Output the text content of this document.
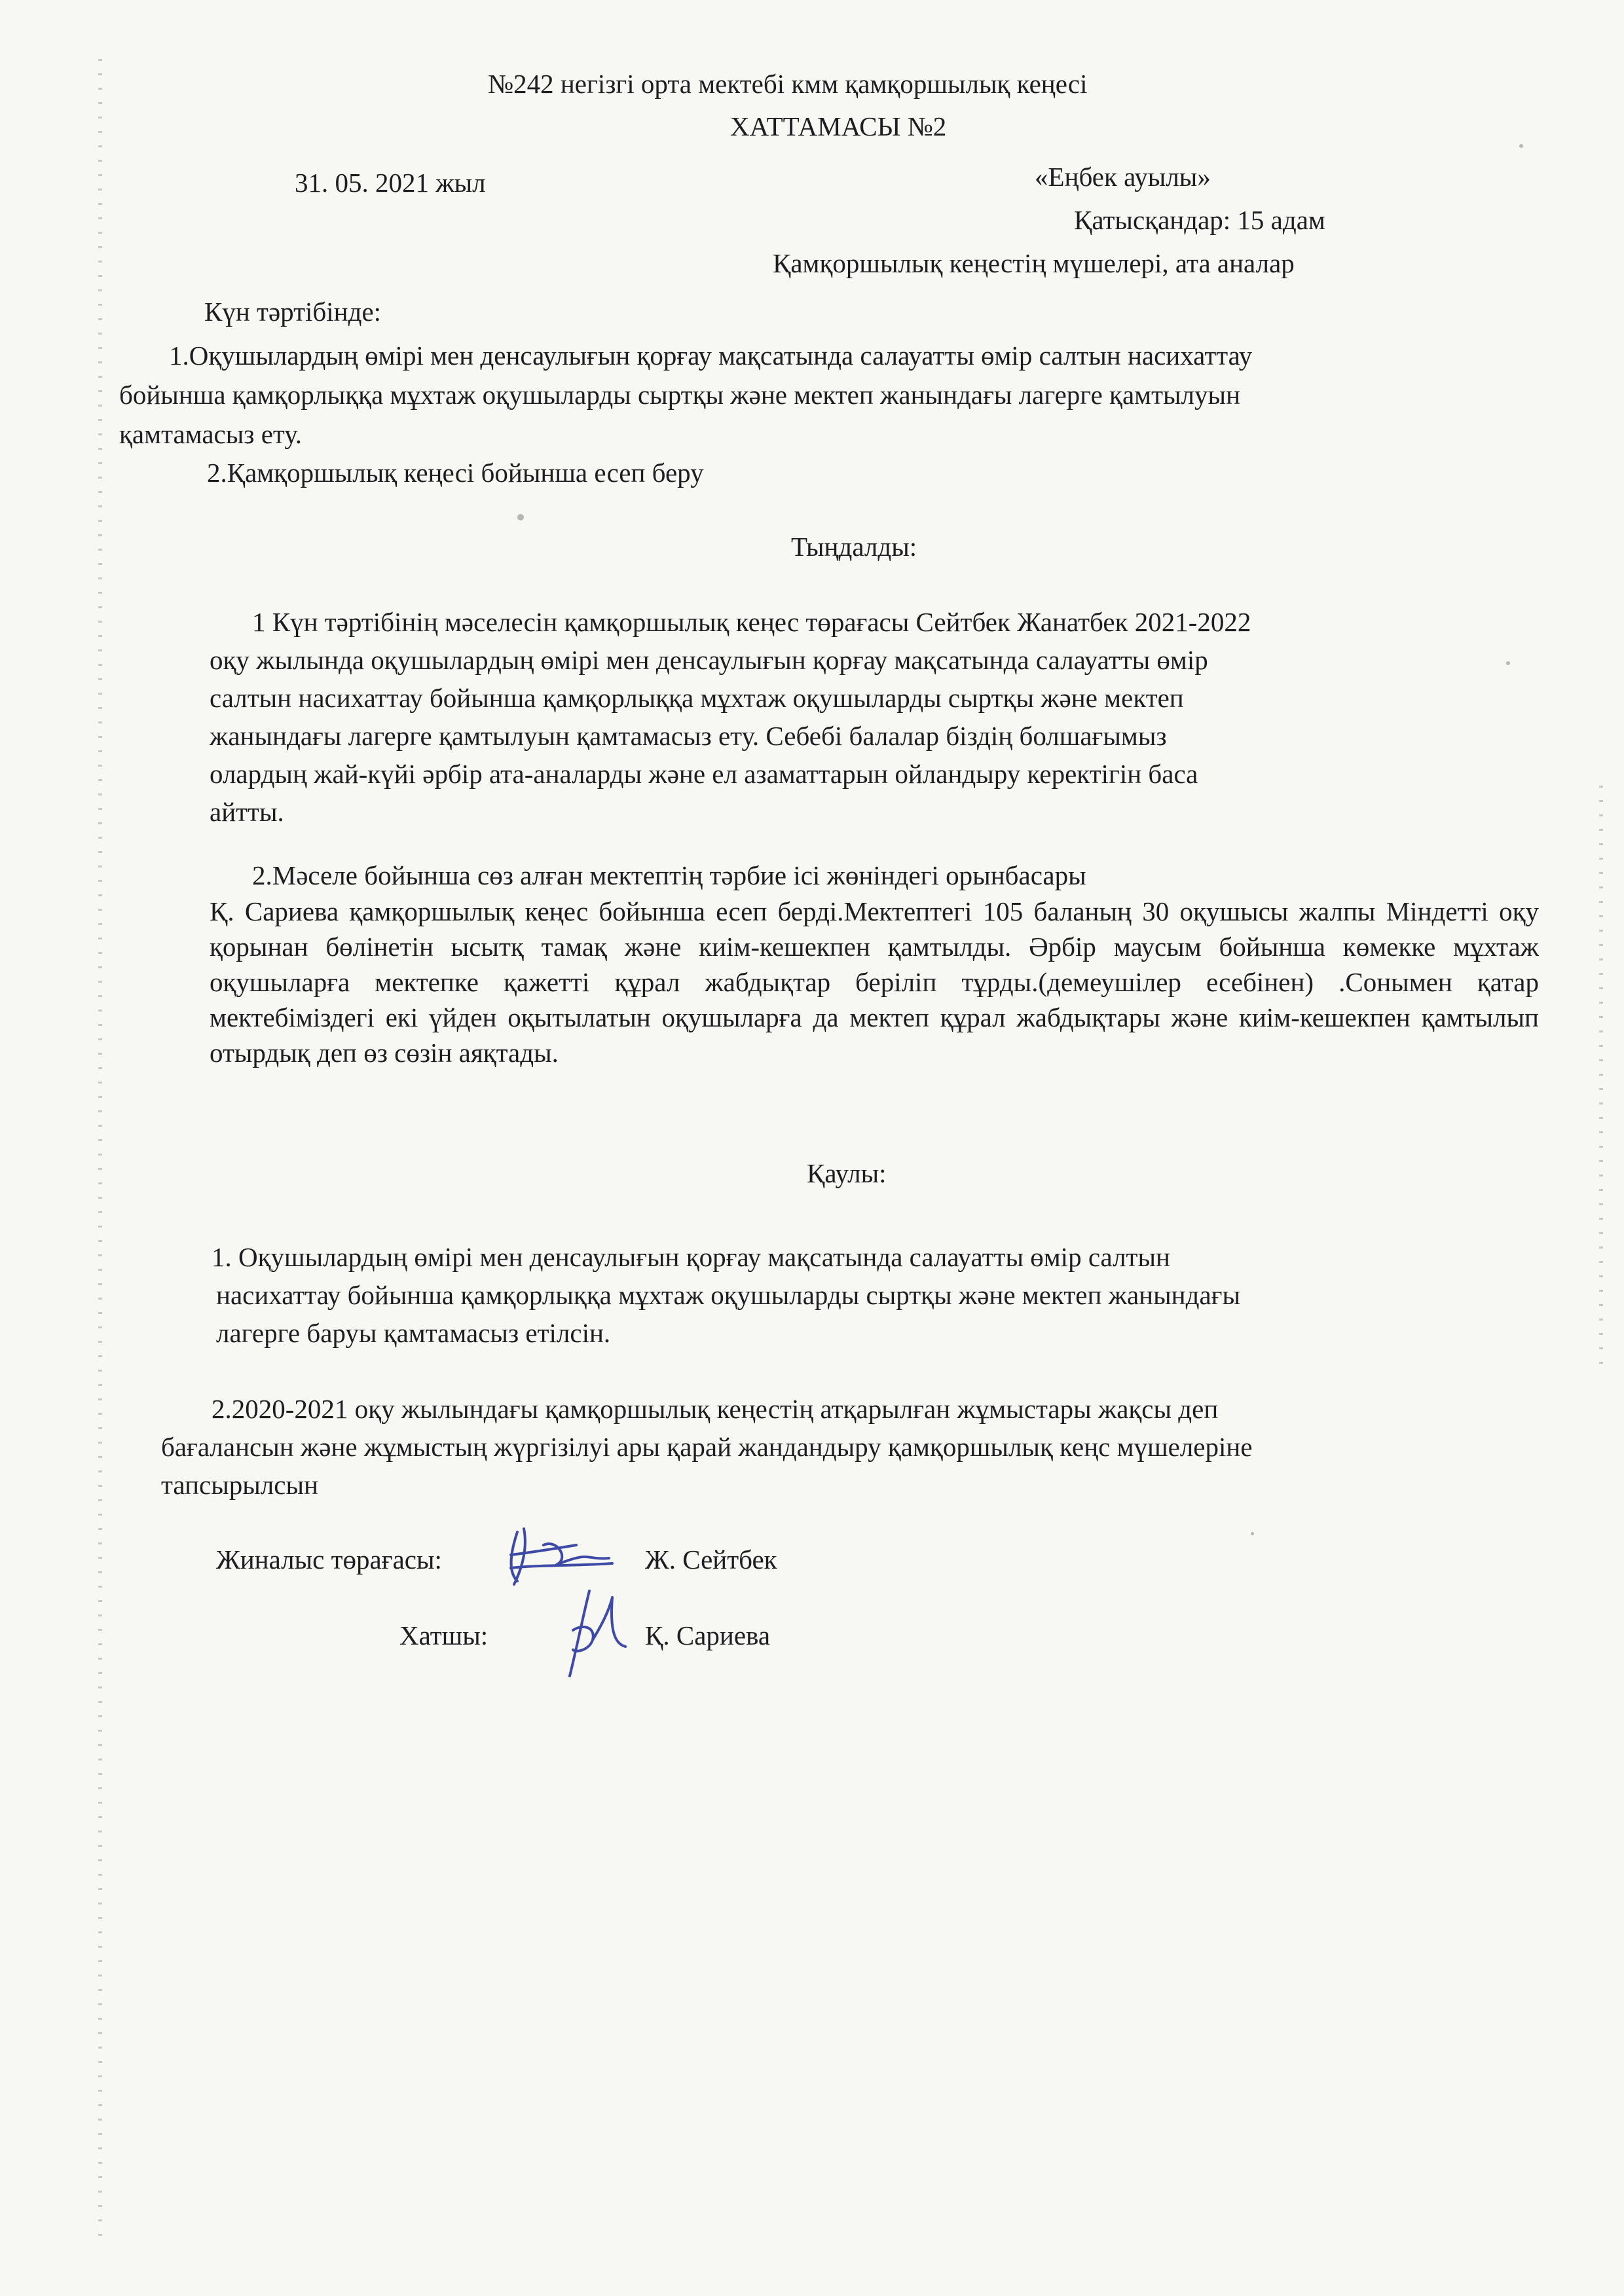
№242 негізгі орта мектебі кмм қамқоршылық кеңесі
ХАТТАМАСЫ №2
31. 05. 2021 жыл	«Еңбек ауылы»
Қатысқандар: 15 адам
Қамқоршылық кеңестің мүшелері, ата аналар
Күн тәртібінде:
1.Оқушылардың өмірі мен денсаулығын қорғау мақсатында салауатты өмір салтын насихаттау
бойынша қамқорлыққа мұхтаж оқушыларды сыртқы және мектеп жанындағы лагерге қамтылуын
қамтамасыз ету.
2.Қамқоршылық кеңесі бойынша есеп беру
Тыңдалды:
1 Күн тәртібінің мәселесін қамқоршылық кеңес төрағасы Сейтбек Жанатбек 2021-2022
оқу жылында оқушылардың өмірі мен денсаулығын қорғау мақсатында салауатты өмір
салтын насихаттау бойынша қамқорлыққа мұхтаж оқушыларды сыртқы және мектеп
жанындағы лагерге қамтылуын қамтамасыз ету. Себебі балалар біздің болшағымыз
олардың жай-күйі әрбір ата-аналарды және ел азаматтарын ойландыру керектігін баса
айтты.
2.Мәселе бойынша сөз алған мектептің тәрбие ісі жөніндегі орынбасары
Қ. Сариева қамқоршылық кеңес бойынша есеп берді.Мектептегі 105 баланың 30 оқушысы жалпы Міндетті оқу қорынан бөлінетін ысытқ тамақ және киім-кешекпен қамтылды. Әрбір маусым бойынша көмекке мұхтаж оқушыларға мектепке қажетті құрал жабдықтар беріліп тұрды.(демеушілер есебінен) .Сонымен қатар мектебіміздегі екі үйден оқытылатын оқушыларға да мектеп құрал жабдықтары және киім-кешекпен қамтылып отырдық деп өз сөзін аяқтады.
Қаулы:
1. Оқушылардың өмірі мен денсаулығын қорғау мақсатында салауатты өмір салтын
насихаттау бойынша қамқорлыққа мұхтаж оқушыларды сыртқы және мектеп жанындағы
лагерге баруы қамтамасыз етілсін.
2.2020-2021 оқу жылындағы қамқоршылық кеңестің атқарылған жұмыстары жақсы деп
бағалансын және жұмыстың жүргізілуі ары қарай жандандыру қамқоршылық кеңс мүшелеріне
тапсырылсын
Жиналыс төрағасы:	Ж. Сейтбек
Хатшы:	Қ. Сариева
